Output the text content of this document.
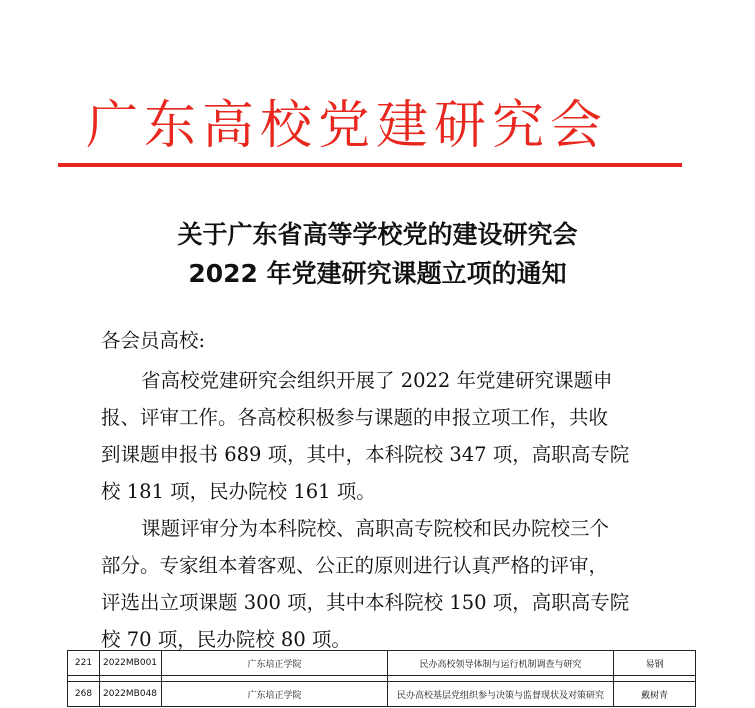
广东高校党建研究会
关于广东省高等学校党的建设研究会
2022 年党建研究课题立项的通知
各会员高校:
省高校党建研究会组织开展了 2022 年党建研究课题申
报、评审工作。各高校积极参与课题的申报立项工作，共收
到课题申报书 689 项，其中，本科院校 347 项，高职高专院
校 181 项，民办院校 161 项。
课题评审分为本科院校、高职高专院校和民办院校三个
部分。专家组本着客观、公正的原则进行认真严格的评审，
评选出立项课题 300 项，其中本科院校 150 项，高职高专院
校 70 项，民办院校 80 项。
221	2022MB001	广东培正学院	民办高校领导体制与运行机制调查与研究	易钢

268	2022MB048	广东培正学院	民办高校基层党组织参与决策与监督现状及对策研究	戴树青
